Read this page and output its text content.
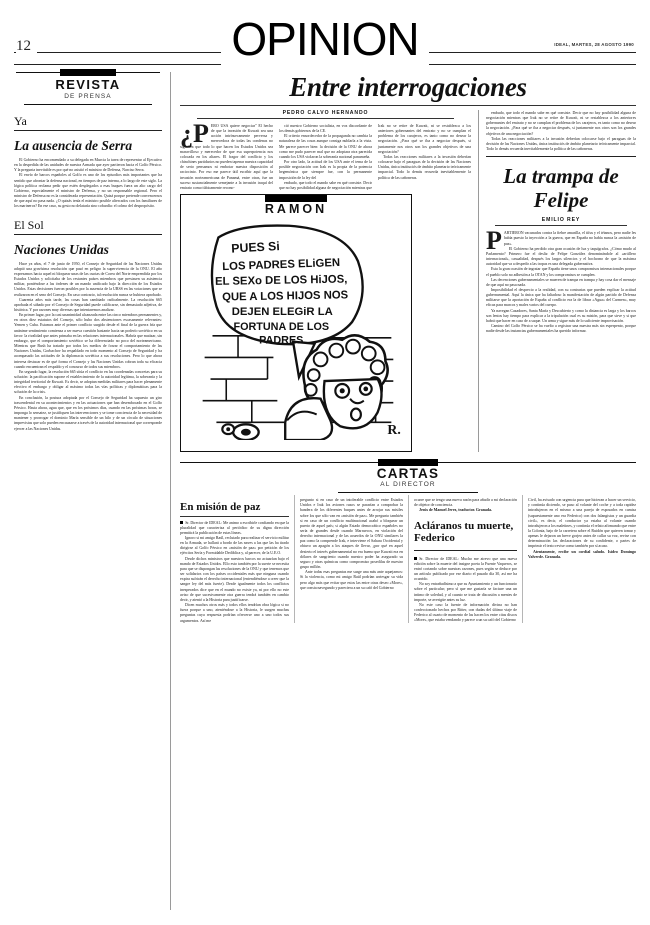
12	OPINION	IDEAL, MARTES, 28 AGOSTO 1990
REVISTA
DE PRENSA
Ya
La ausencia de Serra

El Gobierno ha encomendado a su delegada en Murcia la tarea de representar al Ejecutivo en la despedida de las unidades de nuestra Armada que ayer partieron hacia el Golfo Pérsico. Y la pregunta inevitable es por qué no asistió el ministro de Defensa, Narciso Serra.

El envío de barcos españoles al Golfo es uno de los episodios más importantes que ha sentido que afrontar la defensa nacional, en tiempos de paz interna, a lo largo de este siglo. La lógica política reclama pedir que estén desplegados a esas buques fuera un alto cargo del Gobierno, especialmente el ministro de Defensa, y no un responsable regional. Pero el ministro de Defensa no es la considerada representación. Quizá porque pretende convencernos de que aquí no pasa nada. ¿O quizás tenía el ministro posible altercados con los familiares de los marineros? En ese caso, su gesto no delataría sino cobardía: el colmo del despropósito.

El Sol
Naciones Unidas

Hace ya años, el 7 de junio de 1950, el Consejo de Seguridad de las Naciones Unidas adoptó una gravísima resolución que pasó en peligro la supervivencia de la ONU. El año expresamos hacia aquel ni bloquear unas de las cuotas de Corea del Norte emprendida por los Estados Unidos y solicitaba de los restantes países miembros que prestasen su asistencia militar, poniéndose a las órdenes de un mando unificado bajo la dirección de los Estados Unidos. Estas decisiones fueron posibles por la ausencia de la URSS en las votaciones que se realizaron en el seno del Consejo. En caso contrario, tal resolución nunca se hubiera aprobado.

Cuarenta años más tarde, las cosas han cambiado radicalmente. La resolución 665 aprobada el sábado por el Consejo de Seguridad puede calificarse, sin demasiado adjetiva, de histórica. Y por razones muy diversas que intentaremos analizar.

En primer lugar, por la casi unanimidad alcanzada entre las cinco miembros permanentes y, en otros diez estatutos del Consejo, sólo hubo dos abstenciones escasamente relevantes: Yemen y Cuba. Estamos ante el primer conflicto surgido desde el final de la guerra fría que unánime sentimiento comienza a ser nueva cuestión bastante hacia un poderío soviético en su favor: la rivalidad que antes primaba en las relaciones internacionales. Habría que matizar, sin embargo, que el comportamiento soviético se ha diferenciado no poco del norteamericano. Mientras que Bush ha tratado por todos los medios de forzar el comportamiento de las Naciones Unidas, Gorbachov ha respaldado en todo momento al Consejo de Seguridad y ha acompasado las actitudes de la diplomacia soviética a sus resoluciones. Pero lo que ahora interesa destacar es de qué forma el Consejo y las Naciones Unidas cobran toda su eficacia cuando encuentran el respaldo y el concurso de todos sus miembros.

En segundo lugar, la resolución 665 sitúa el conflicto en las coordenadas concretas para su solución: la pacificación supone el establecimiento de la autoridad legítima, la soberanía y la integridad territorial de Kuwait. Es decir, se adoptan medidas militares para hacer plenamente efectivo el embargo y obligar al máximo todas las vías políticas y diplomáticas para la solución de la crisis.

En conclusión, la postura adoptada por el Consejo de Seguridad ha supuesto un giro trascendental en su acontecimientos y en las actuaciones que han desembocado en el Golfo Pérsico. Hasta ahora, agua que, que en los próximos días, cuando en las próximas horas, se imponga lo sensatez, se justifiquen las intervenciones y se tome conciencia de la necesidad de mantener y prorrogar el dominio María sensible de un hilo y de un círculo de situaciones imprevistas que solo pueden encauzarse a través de la autoridad internacional que corresponde ejercer a las Naciones Unidas.

Entre interrogaciones
PEDRO CALVO HERNANDO
¿P ERO USA quiere negociar" El hecho de que la invasión de Kuwait sea una acción intrínsecamente perversa y merecedora de todas las condenas no significa que todo lo que hacen los Estados Unidos sea maravilloso y merecedor de que esa superpotencia nos colocada en los altares. El fragor del conflicto y los chinchines partidarios no pueden tapenar nuestra capacidad de serio pensamos ni embotar nuestra disposición al raciocinio. Por eso me parece útil escribir aquí que la invasión norteamericana de Panamá, entre otras, fue un suceso sustancialmente semejante a la invasión iraquí del emirato como túbicamente recono-

ció nuestro Gobierno socialista, en voz discordante de los demás gobiernos de la CE.

El criterio ensordecedor de la propaganda no cambia la naturaleza de las cosas aunque consiga nublarla a la vista. Me parece parecer bien: la decisión de la ONU de ahora como me pudo parecer mal que no adoptara otra parecida cuando los USA violaron la soberanía nacional panameña.

Por otro lado, la actitud de los USA ante el tema de la posible negociación con Irak es la propia de la potencia hegemónica que siempre fue, con la permanente imposición de la ley del

embudo, que todo el mando sabe en qué consiste. Decir que no hay posibilidad alguna de negociación mientras que Irak no se retire de Kuwait, ni se restablezca a los anteriores gobernantes del emirato y no se cumplan el problema de los carajeros, es tanto como no desear la negociación. ¿Para qué se iba a negociar después, si juntamente nos otros son los grandes objetivos de una negociación?

Todas las reacciones militares a la invasión deberían colocarse bajo el paraguas de la decisión de las Naciones Unidas, única instituciós de ámbito planetario teóricamente imparcial. Todo lo demás recuerda inevitablemente la política de las cañoneras.

RAMON
PUES Si
LOS PADRES ELiGEN
EL SEXo DE LOS HiJOS,
QUE A LOS HIJOS NOS
DEJEN ELEGiR LA
FORTUNA DE LOS
PADRES
R.

embudo, que todo el mando sabe en qué consiste. Decir que no hay posibilidad alguna de negociación mientras que Irak no se retire de Kuwait, ni se restablezca a los anteriores gobernantes del emirato y no se cumplan el problema de los carajeros, es tanto como no desear la negociación. ¿Para qué se iba a negociar después, si juntamente nos otros son los grandes objetivos de una negociación?

Todas las reacciones militares a la invasión deberían colocarse bajo el paraguas de la decisión de las Naciones Unidas, única instituciós de ámbito planetario teóricamente imparcial. Todo lo demás recuerda inevitablemente la política de las cañoneras.

La trampa de Felipe
EMILIO REY
P ARTIERON vacunados contra la fiebre amarilla, el tifus y el tétanos, pero nadie les había puesto la inyección a la guerra, que en España no había nunca la «misión de paz».

El Gobierno ha perdido otra gran ocasión de luz y taquígrafos. ¿Cómo mudo al Parlamento? Primero fue el desliz de Felipe González denominándole al «artillero internacional», casualidad, después los largos silencios y el bochorno de que la máxima autoridad que va a despedir a las tropas es una delegada gubernativa.

Esta la gran ocasión de ingratar que España tiene unos compromisos internacionales porque el pueblo solo no adhesión a la OTAN y los compromisos se cumplen.

Las decenciones gubernamentales se mueren de trampa en trampa y hay cosa dar el mensaje de que aquí no pasa nada.

Imposibilidad el desprecio a la realidad, con su contrarias que pueden explicar la actitud gubernamental. Aquí la única que ha faltadoso la manifestación de algún partido de Defensa militarse que la aportación de España al conflicto era la de librar «Agua» del Carmen», muy eficaz para marcos y males varios del cuerpo.

Ya navegan Cazadores, Santa María y Descubierto y como la distancia es larga y los barcos son lentos hay tiempo para explicar a la tripulación cual es su misión, para que sirve y si que habrá que hacer en caso de a saque. Un arma y sigue más de lo suficiente improvisación.

Camino del Golfo Pérsico se ha vuelto a registrar una nuestra más sin esperpento, porque nadie desde las instancias gubernamentales ha querido informar.

CARTAS
AL DIRECTOR
En misión de paz

Sr. Director de IDEAL: Me animo a escribirle confiando en que la pluralidad que caracteriza al periódico de su digna dirección permitirá la publicación de estas líneas.

Ignoro si mi amigo Raúl, reclutado para realizar el servicio militar en la Armada, se hallará a bordo de las naves a las que las ha tirado dirigirse al Golfo Pérsico en «misión de paz» por petición de los ejércitos Sería y Formidable Dediblica y, al parecer, de la U.E.O.

Desde dichos ministros que nuestros barcos no actuarían bajo el mando de Estados Unidos. Ello esto también por la suerte se necesita para que se dispongan las resoluciones de la ONU y que tenemos que ser solidarios con los países occidentales más que ninguna cuando expira sufrirán el derecho internacional (entendiéndose a creer que la sangre ley del más fuerte). Desde igualmente todos los conflictos inesperados dice que en el mundo no existe ya, ni por ello no este aviso de que sucesivamente otra guerra tendrá también en cambio decir, y atentó a la Historia para justificarse.

Dicen muchos otros más y todos ellos tendrían obra lógica si no fuera porque a uno, ateniéndose a la Historia, le surgen muchas preguntas cuya respuesta podrían ofrecerse uno a uno todos sus argumentos. Así me

pregunto si en caso de un intolerable conflicto entre Estados Unidos e Irak los aviones rusos se pararían a comprobar la bandera de los diferentes buques antes de arrojar sus misiles sobre los que sólo van en «misión de paz». Me pregunto también si en caso de un conflicto multinacional acabó a bloquear un puerto de aquel país; si algún Estado democrático españoles no sería de grandes desde cuando Marruecos, en violación del derecho internacional y de las acuerdos de la ONU similares la paz como la comprende Irak, e interviene el Sahara Occidental y obtuvo un apagón a los ataques de llevar, ¿por qué en aquel desierto el interés gubernamental no era bueno que Kuwait era en dólares de sangriento cuando nuestro poder ha asegurado su seguro y otras químicas como compromiso posedilas de nuestro grupo millón.

Ante todas esas preguntas me surge una más ante aquejarnos: Si la violencia, como mi amigo Raúl podrían arriesgar su vida pero algo más que evitar que estos las entre otras deseo «More», que consta navegando y pareciera a un su cafó del Gobierno

ocurre que se tengo una nueva razón para añadir a mi declaración de objetor de conciencia.

Jesús de Manuel Jerez, traductor. Granada.

Acláranos tu muerte, Federico

Sr. Director de IDEAL: Mucho me atrevo que una nueva edición sobre la muerte del insigne poeta la Fuente Vaqueros, se entró cortando sobre nuestras razones, pues según se deduce por un artículo publicado por ese diario el pasado día 30, así me ha ocurrido.

No soy entrañadísimo a que su Ayuntamiento y un funcionario sobre el particular; pero sí que me gustaría se facture una un intimo de soledad, y al cuanto se trata de discusión a mentes de importe, se averigüe antes su luz.

No este caso la fuente de información divina no han confeccionado hechos por Ritter, con dudas del último viaje de Federico al cuarto de momento de las hacen los entre citas discos «More», que estaba vendando y parece a un su cafó del Gobierno

Civil, ha avisado con urgencia para que hicieran a hacer un servicio, y continúa diciendo, se puso al volante del coche y a toda rapidez introdujeron en el mismo a una pareja de esposados en camisa (supuestamente uno era Federico) con dos falangistas y un guardia civil», es decir, el conductor ya estaba al volante cuando introdujeron a los maletines, y continúa el relato afirmando que entre la Colonia, bajo de la carretera sobre el Ruidón que quieren tomar y apenas le dejaron un breve gorjeo antes de callar su voz, revise con determinación las declaraciones de su confidente, o partes de imprimir el texto revise como también por sí acaso.

Atentamente, recibe un cordial saludo. Isidro Domingo Valverde. Granada.
